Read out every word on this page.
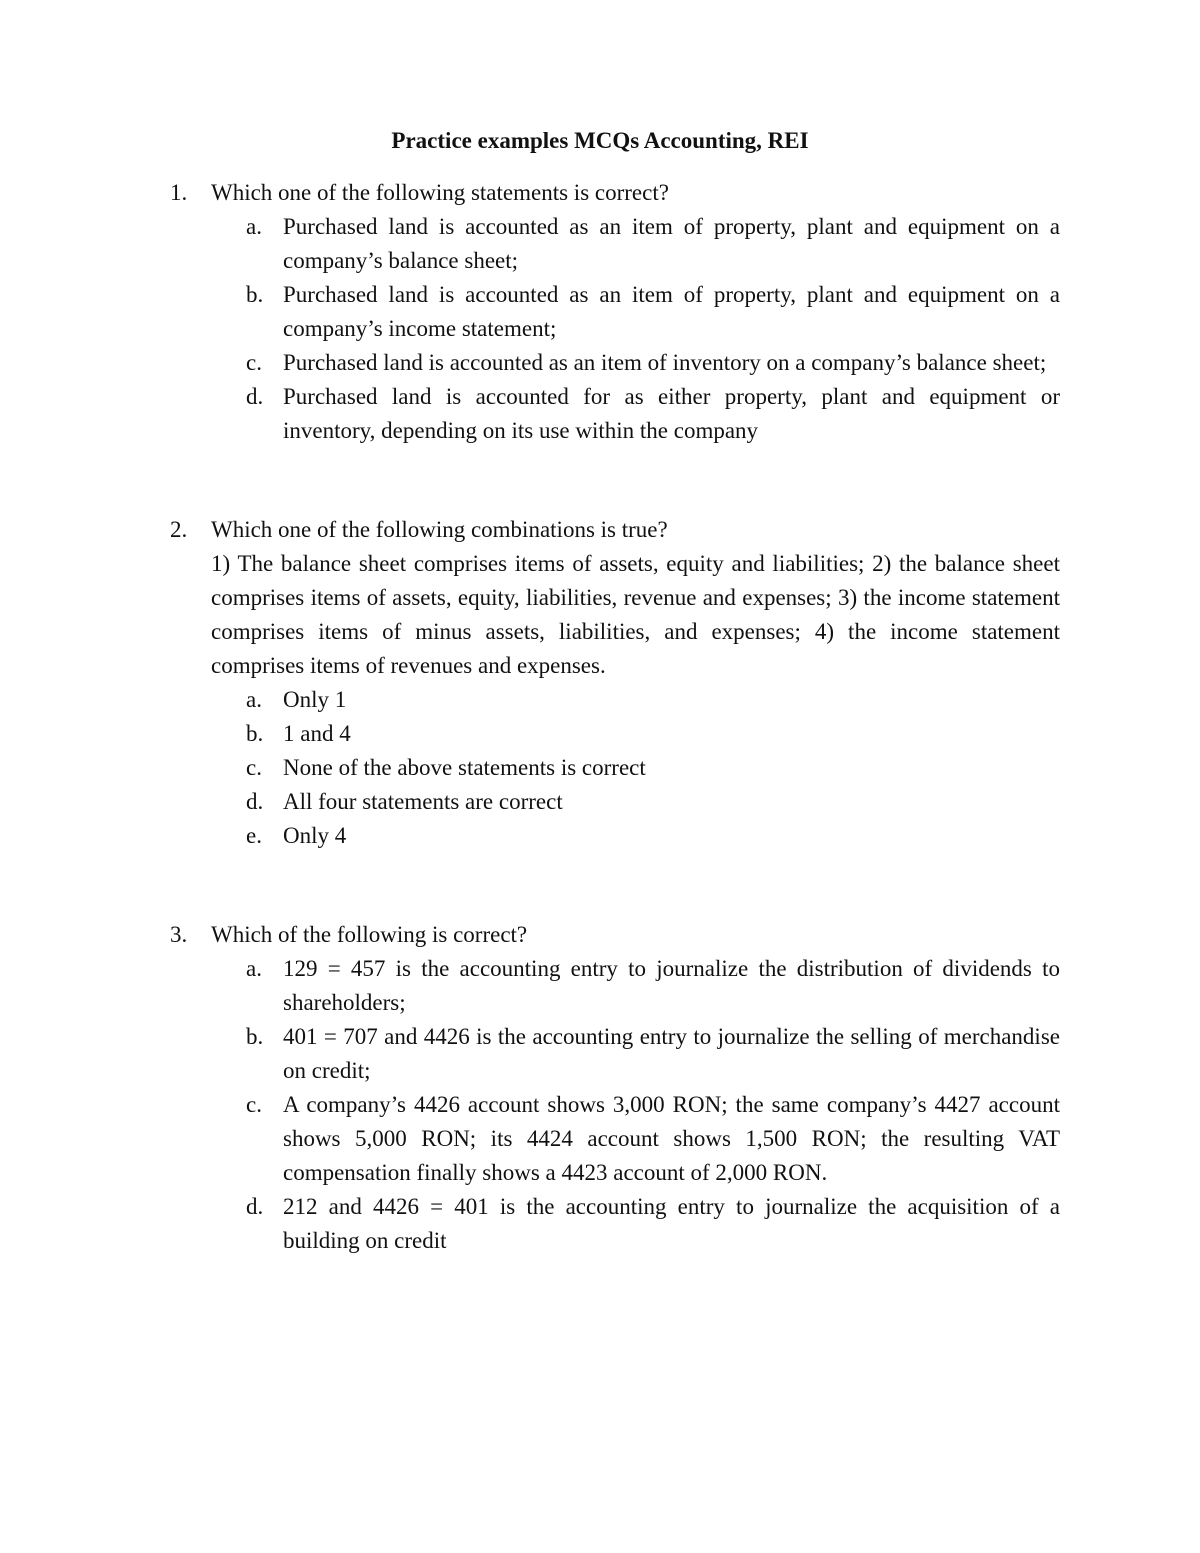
Practice examples MCQs Accounting, REI
1. Which one of the following statements is correct?
a. Purchased land is accounted as an item of property, plant and equipment on a company’s balance sheet;
b. Purchased land is accounted as an item of property, plant and equipment on a company’s income statement;
c. Purchased land is accounted as an item of inventory on a company’s balance sheet;
d. Purchased land is accounted for as either property, plant and equipment or inventory, depending on its use within the company
2. Which one of the following combinations is true?
1) The balance sheet comprises items of assets, equity and liabilities; 2) the balance sheet comprises items of assets, equity, liabilities, revenue and expenses; 3) the income statement comprises items of minus assets, liabilities, and expenses; 4) the income statement comprises items of revenues and expenses.
a. Only 1
b. 1 and 4
c. None of the above statements is correct
d. All four statements are correct
e. Only 4
3. Which of the following is correct?
a. 129 = 457 is the accounting entry to journalize the distribution of dividends to shareholders;
b. 401 = 707 and 4426 is the accounting entry to journalize the selling of merchandise on credit;
c. A company’s 4426 account shows 3,000 RON; the same company’s 4427 account shows 5,000 RON; its 4424 account shows 1,500 RON; the resulting VAT compensation finally shows a 4423 account of 2,000 RON.
d. 212 and 4426 = 401 is the accounting entry to journalize the acquisition of a building on credit
